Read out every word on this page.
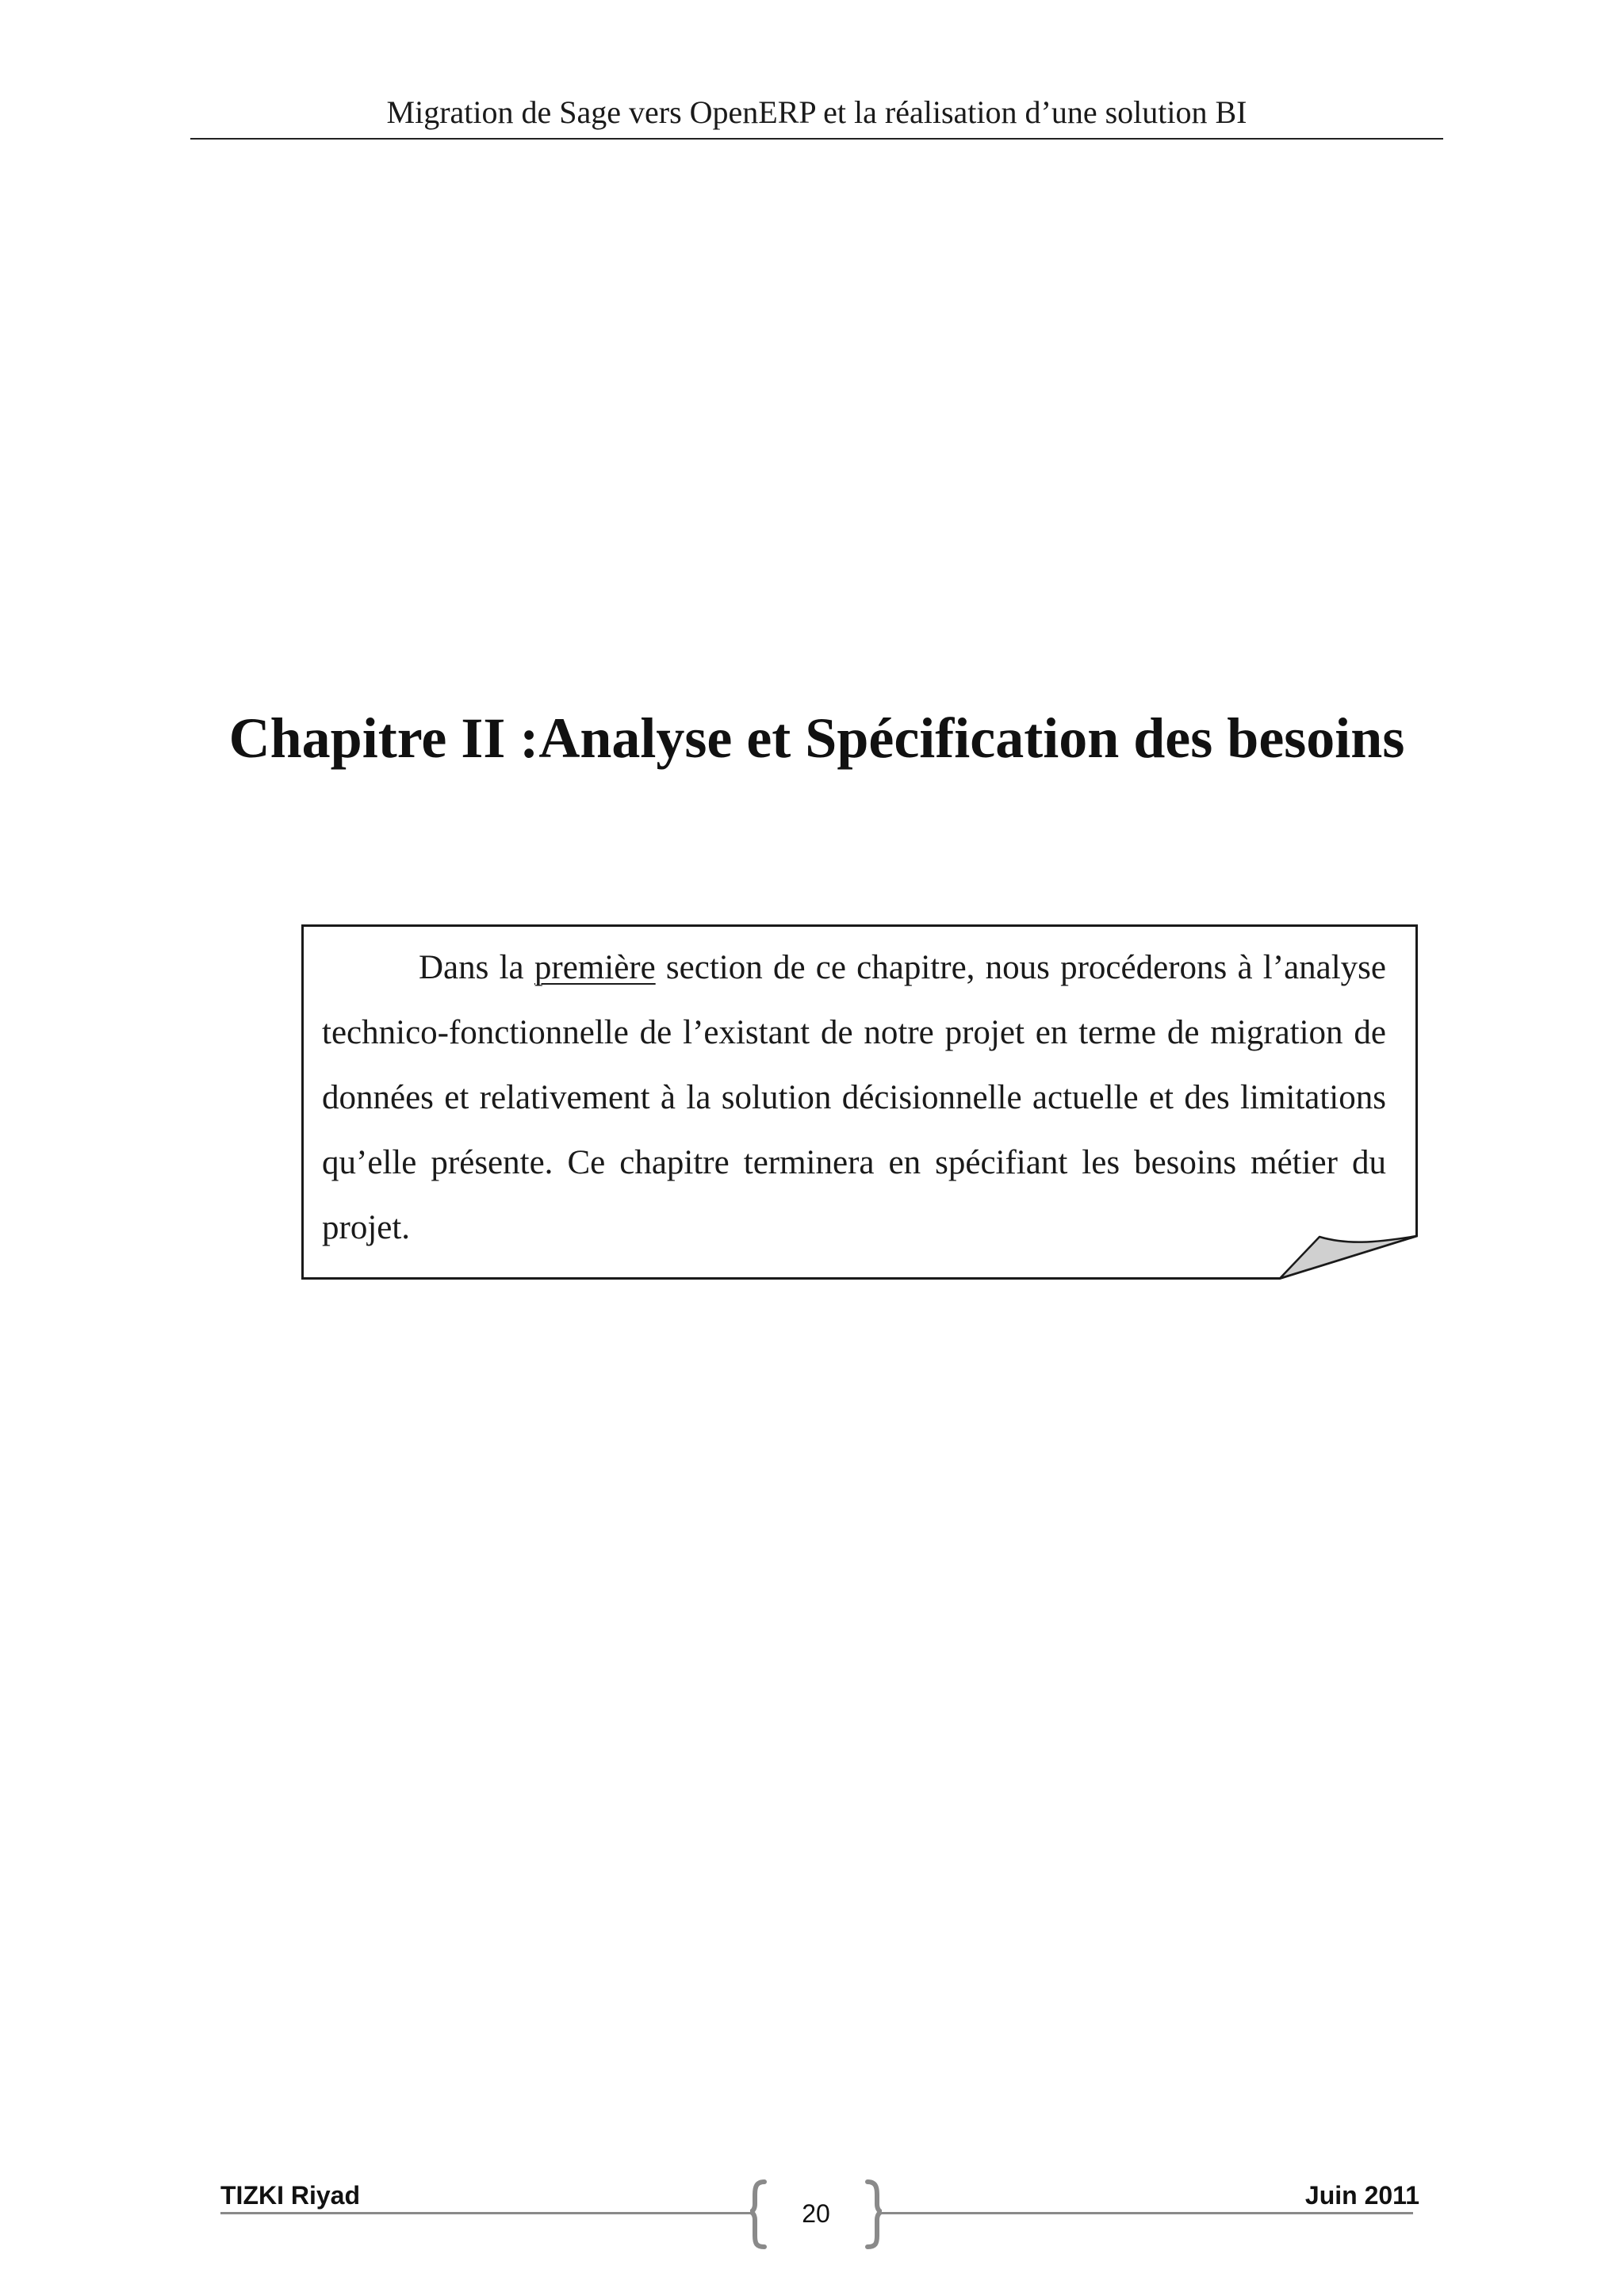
Migration de Sage vers OpenERP et la réalisation d’une solution BI
Chapitre II :Analyse et Spécification des besoins
Dans la première section de ce chapitre, nous procéderons à l’analyse technico-fonctionnelle de l’existant de notre projet en terme de migration de données et relativement à la solution décisionnelle actuelle et des limitations qu’elle présente. Ce chapitre terminera en spécifiant les besoins métier du projet.
TIZKI Riyad	Juin 2011
20
